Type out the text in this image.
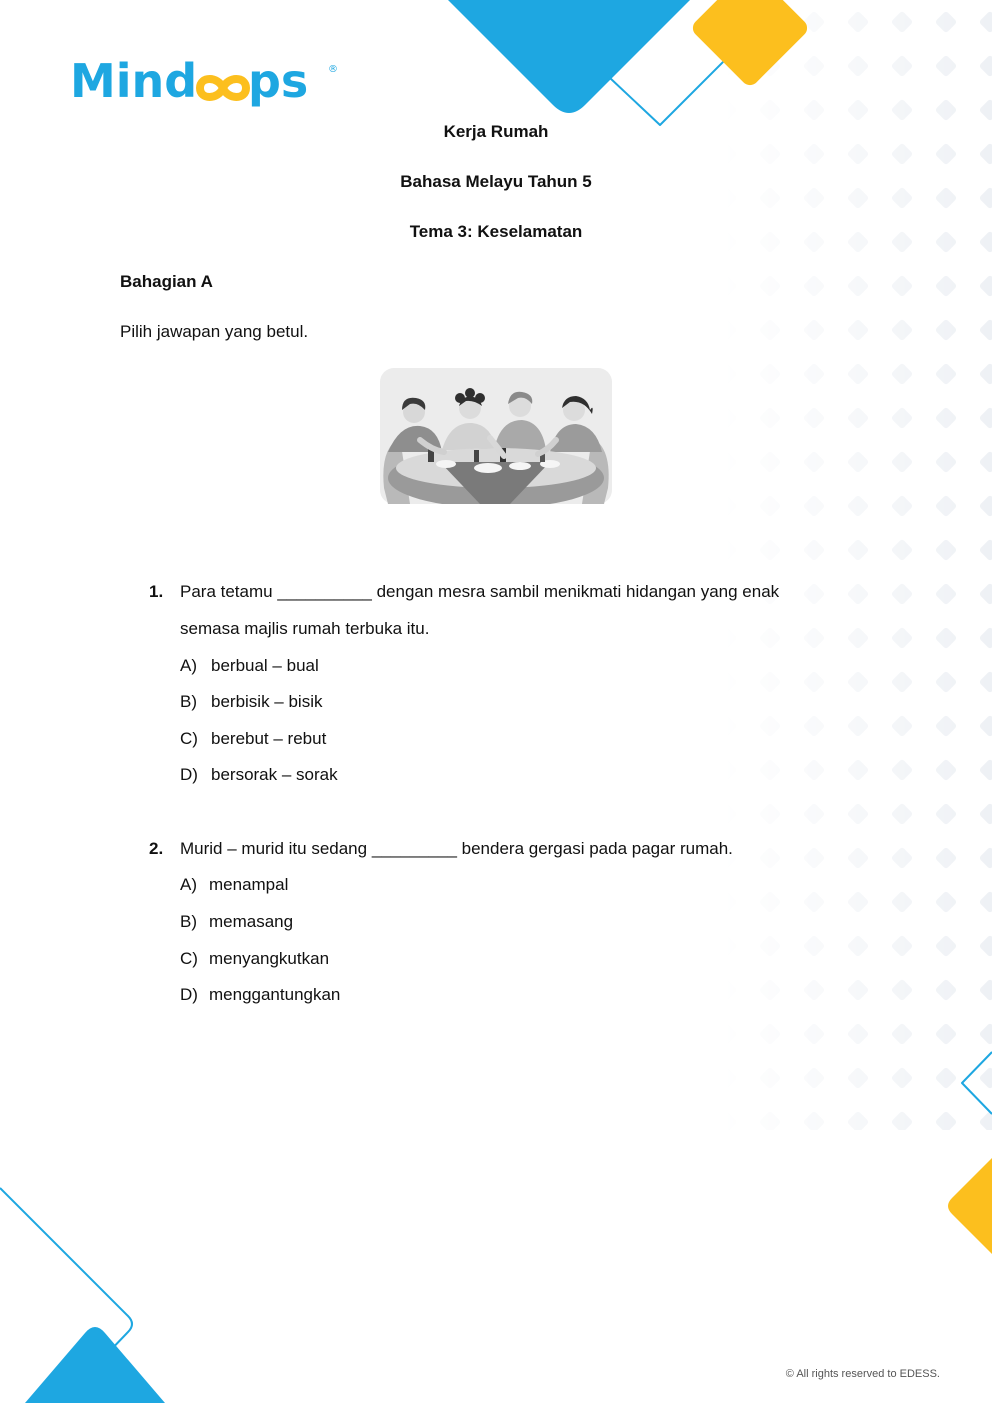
Mind ps ®
Kerja Rumah
Bahasa Melayu Tahun 5
Tema 3: Keselamatan
Bahagian A
Pilih jawapan yang betul.
1. Para tetamu __________ dengan mesra sambil menikmati hidangan yang enak
semasa majlis rumah terbuka itu.
A) berbual – bual
B) berbisik – bisik
C) berebut – rebut
D) bersorak – sorak
2. Murid – murid itu sedang _________ bendera gergasi pada pagar rumah.
A) menampal
B) memasang
C) menyangkutkan
D) menggantungkan
© All rights reserved to EDESS.
